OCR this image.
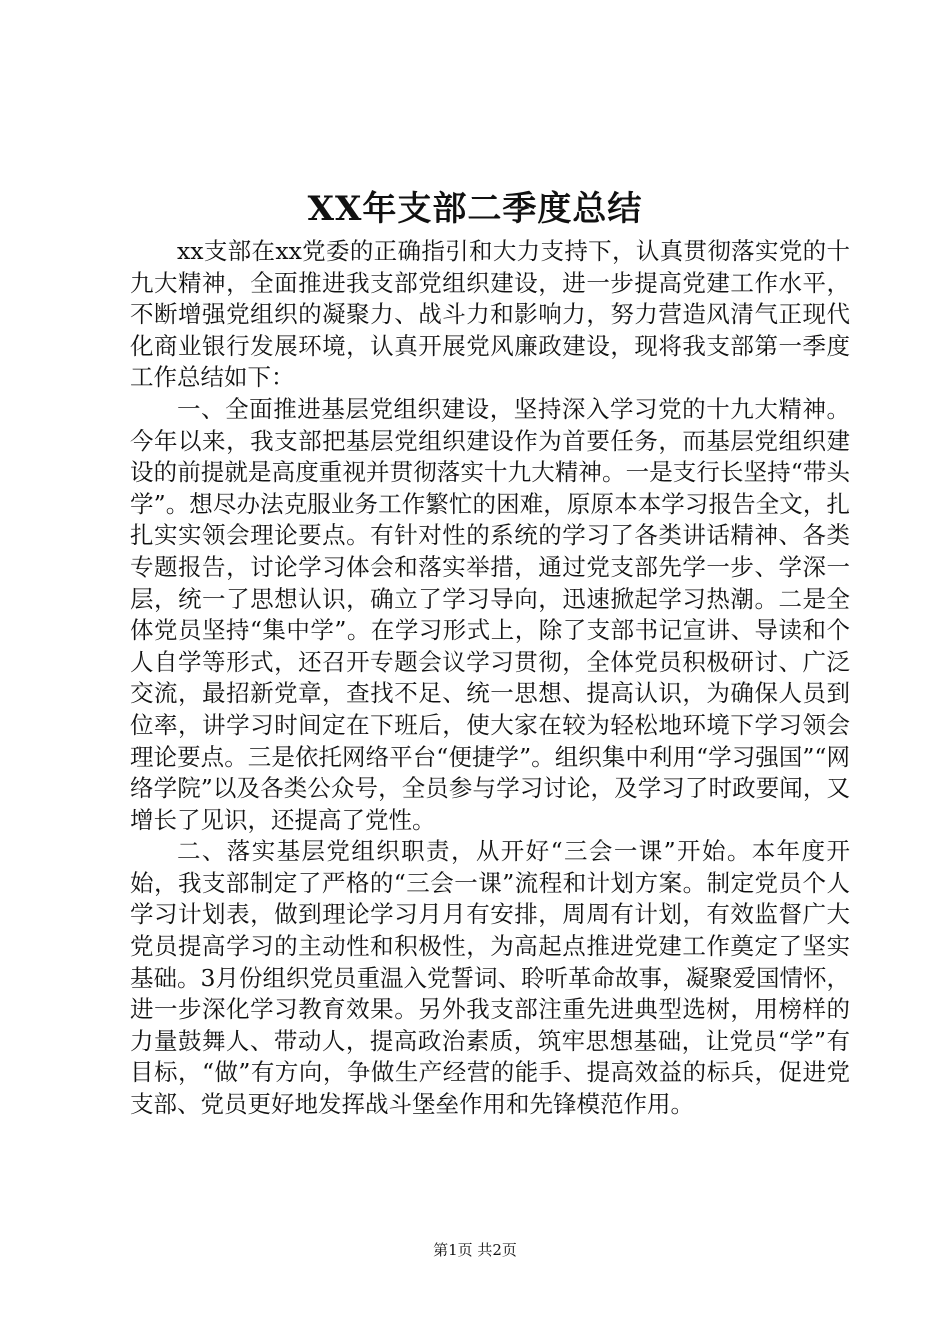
XX年支部二季度总结

xx支部在xx党委的正确指引和大力支持下，认真贯彻落实党的十九大精神，全面推进我支部党组织建设，进一步提高党建工作水平，不断增强党组织的凝聚力、战斗力和影响力，努力营造风清气正现代化商业银行发展环境，认真开展党风廉政建设，现将我支部第一季度工作总结如下：

一、全面推进基层党组织建设，坚持深入学习党的十九大精神。今年以来，我支部把基层党组织建设作为首要任务，而基层党组织建设的前提就是高度重视并贯彻落实十九大精神。一是支行长坚持“带头学”。想尽办法克服业务工作繁忙的困难，原原本本学习报告全文，扎扎实实领会理论要点。有针对性的系统的学习了各类讲话精神、各类专题报告，讨论学习体会和落实举措，通过党支部先学一步、学深一层，统一了思想认识，确立了学习导向，迅速掀起学习热潮。二是全体党员坚持“集中学”。在学习形式上，除了支部书记宣讲、导读和个人自学等形式，还召开专题会议学习贯彻，全体党员积极研讨、广泛交流，最招新党章，查找不足、统一思想、提高认识，为确保人员到位率，讲学习时间定在下班后，使大家在较为轻松地环境下学习领会理论要点。三是依托网络平台“便捷学”。组织集中利用“学习强国”“网络学院”以及各类公众号，全员参与学习讨论，及学习了时政要闻，又增长了见识，还提高了党性。

二、落实基层党组织职责，从开好“三会一课”开始。本年度开始，我支部制定了严格的“三会一课”流程和计划方案。制定党员个人学习计划表，做到理论学习月月有安排，周周有计划，有效监督广大党员提高学习的主动性和积极性，为高起点推进党建工作奠定了坚实基础。3月份组织党员重温入党誓词、聆听革命故事，凝聚爱国情怀，进一步深化学习教育效果。另外我支部注重先进典型选树，用榜样的力量鼓舞人、带动人，提高政治素质，筑牢思想基础，让党员“学”有目标，“做”有方向，争做生产经营的能手、提高效益的标兵，促进党支部、党员更好地发挥战斗堡垒作用和先锋模范作用。

第1页 共2页
